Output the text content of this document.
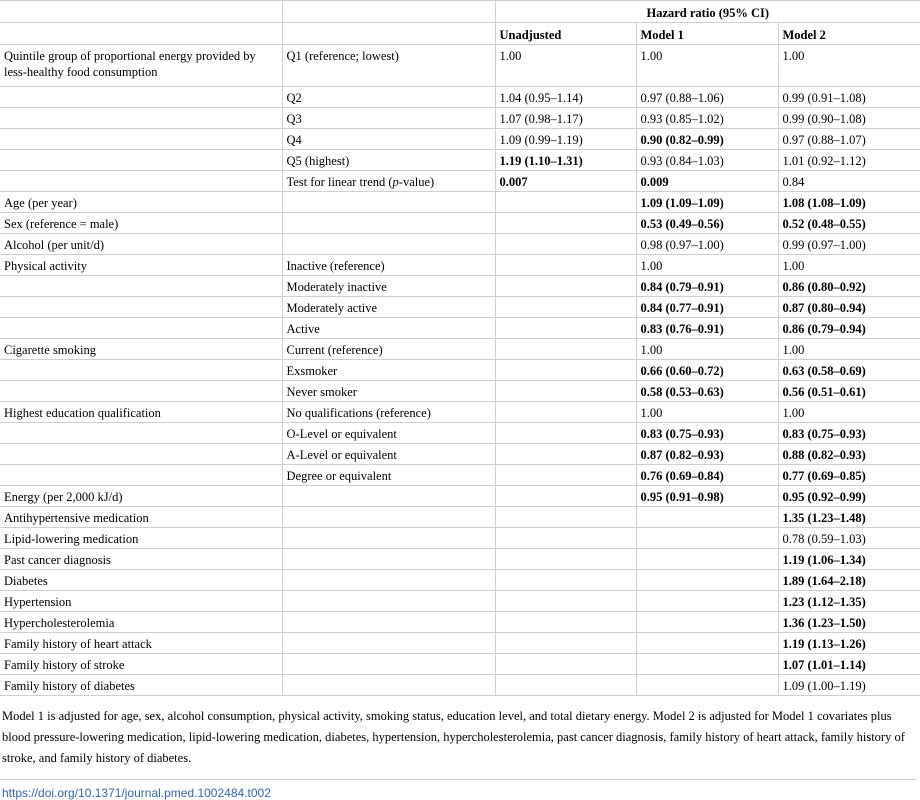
		Hazard ratio (95% CI)		
		Unadjusted	Model 1	Model 2
Quintile group of proportional energy provided by less-healthy food consumption	Q1 (reference; lowest)	1.00	1.00	1.00
	Q2	1.04 (0.95–1.14)	0.97 (0.88–1.06)	0.99 (0.91–1.08)
	Q3	1.07 (0.98–1.17)	0.93 (0.85–1.02)	0.99 (0.90–1.08)
	Q4	1.09 (0.99–1.19)	0.90 (0.82–0.99)	0.97 (0.88–1.07)
	Q5 (highest)	1.19 (1.10–1.31)	0.93 (0.84–1.03)	1.01 (0.92–1.12)
	Test for linear trend (p-value)	0.007	0.009	0.84
Age (per year)			1.09 (1.09–1.09)	1.08 (1.08–1.09)
Sex (reference = male)			0.53 (0.49–0.56)	0.52 (0.48–0.55)
Alcohol (per unit/d)			0.98 (0.97–1.00)	0.99 (0.97–1.00)
Physical activity	Inactive (reference)		1.00	1.00
	Moderately inactive		0.84 (0.79–0.91)	0.86 (0.80–0.92)
	Moderately active		0.84 (0.77–0.91)	0.87 (0.80–0.94)
	Active		0.83 (0.76–0.91)	0.86 (0.79–0.94)
Cigarette smoking	Current (reference)		1.00	1.00
	Exsmoker		0.66 (0.60–0.72)	0.63 (0.58–0.69)
	Never smoker		0.58 (0.53–0.63)	0.56 (0.51–0.61)
Highest education qualification	No qualifications (reference)		1.00	1.00
	O-Level or equivalent		0.83 (0.75–0.93)	0.83 (0.75–0.93)
	A-Level or equivalent		0.87 (0.82–0.93)	0.88 (0.82–0.93)
	Degree or equivalent		0.76 (0.69–0.84)	0.77 (0.69–0.85)
Energy (per 2,000 kJ/d)			0.95 (0.91–0.98)	0.95 (0.92–0.99)
Antihypertensive medication				1.35 (1.23–1.48)
Lipid-lowering medication				0.78 (0.59–1.03)
Past cancer diagnosis				1.19 (1.06–1.34)
Diabetes				1.89 (1.64–2.18)
Hypertension				1.23 (1.12–1.35)
Hypercholesterolemia				1.36 (1.23–1.50)
Family history of heart attack				1.19 (1.13–1.26)
Family history of stroke				1.07 (1.01–1.14)
Family history of diabetes				1.09 (1.00–1.19)
Model 1 is adjusted for age, sex, alcohol consumption, physical activity, smoking status, education level, and total dietary energy. Model 2 is adjusted for Model 1 covariates plus blood pressure-lowering medication, lipid-lowering medication, diabetes, hypertension, hypercholesterolemia, past cancer diagnosis, family history of heart attack, family history of stroke, and family history of diabetes.
https://doi.org/10.1371/journal.pmed.1002484.t002
